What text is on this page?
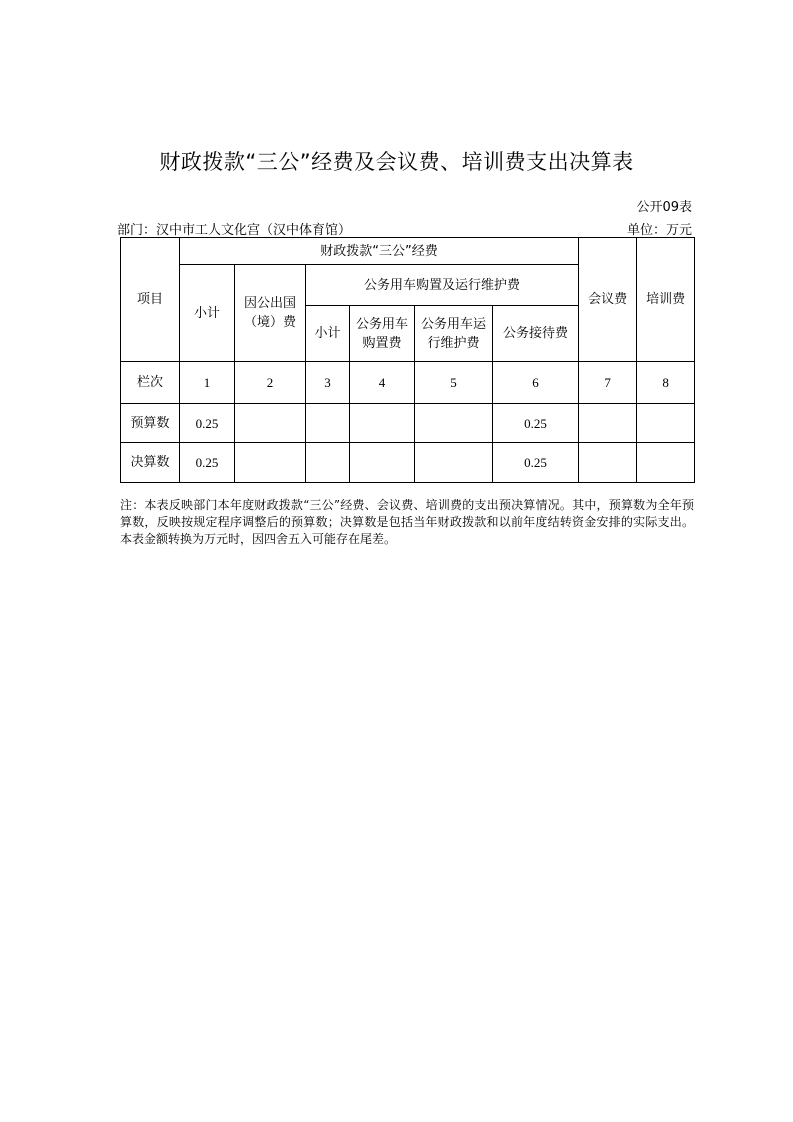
财政拨款“三公”经费及会议费、培训费支出决算表
公开09表
部门：汉中市工人文化宫（汉中体育馆）	单位：万元
项目	财政拨款“三公”经费						会议费	培训费
	小计	因公出国（境）费	公务用车购置及运行维护费					
			小计	公务用车购置费	公务用车运行维护费	公务接待费		
栏次	1	2	3	4	5	6	7	8
预算数	0.25					0.25		
决算数	0.25					0.25		
注：本表反映部门本年度财政拨款“三公”经费、会议费、培训费的支出预决算情况。其中，预算数为全年预算数，反映按规定程序调整后的预算数；决算数是包括当年财政拨款和以前年度结转资金安排的实际支出。本表金额转换为万元时，因四舍五入可能存在尾差。
